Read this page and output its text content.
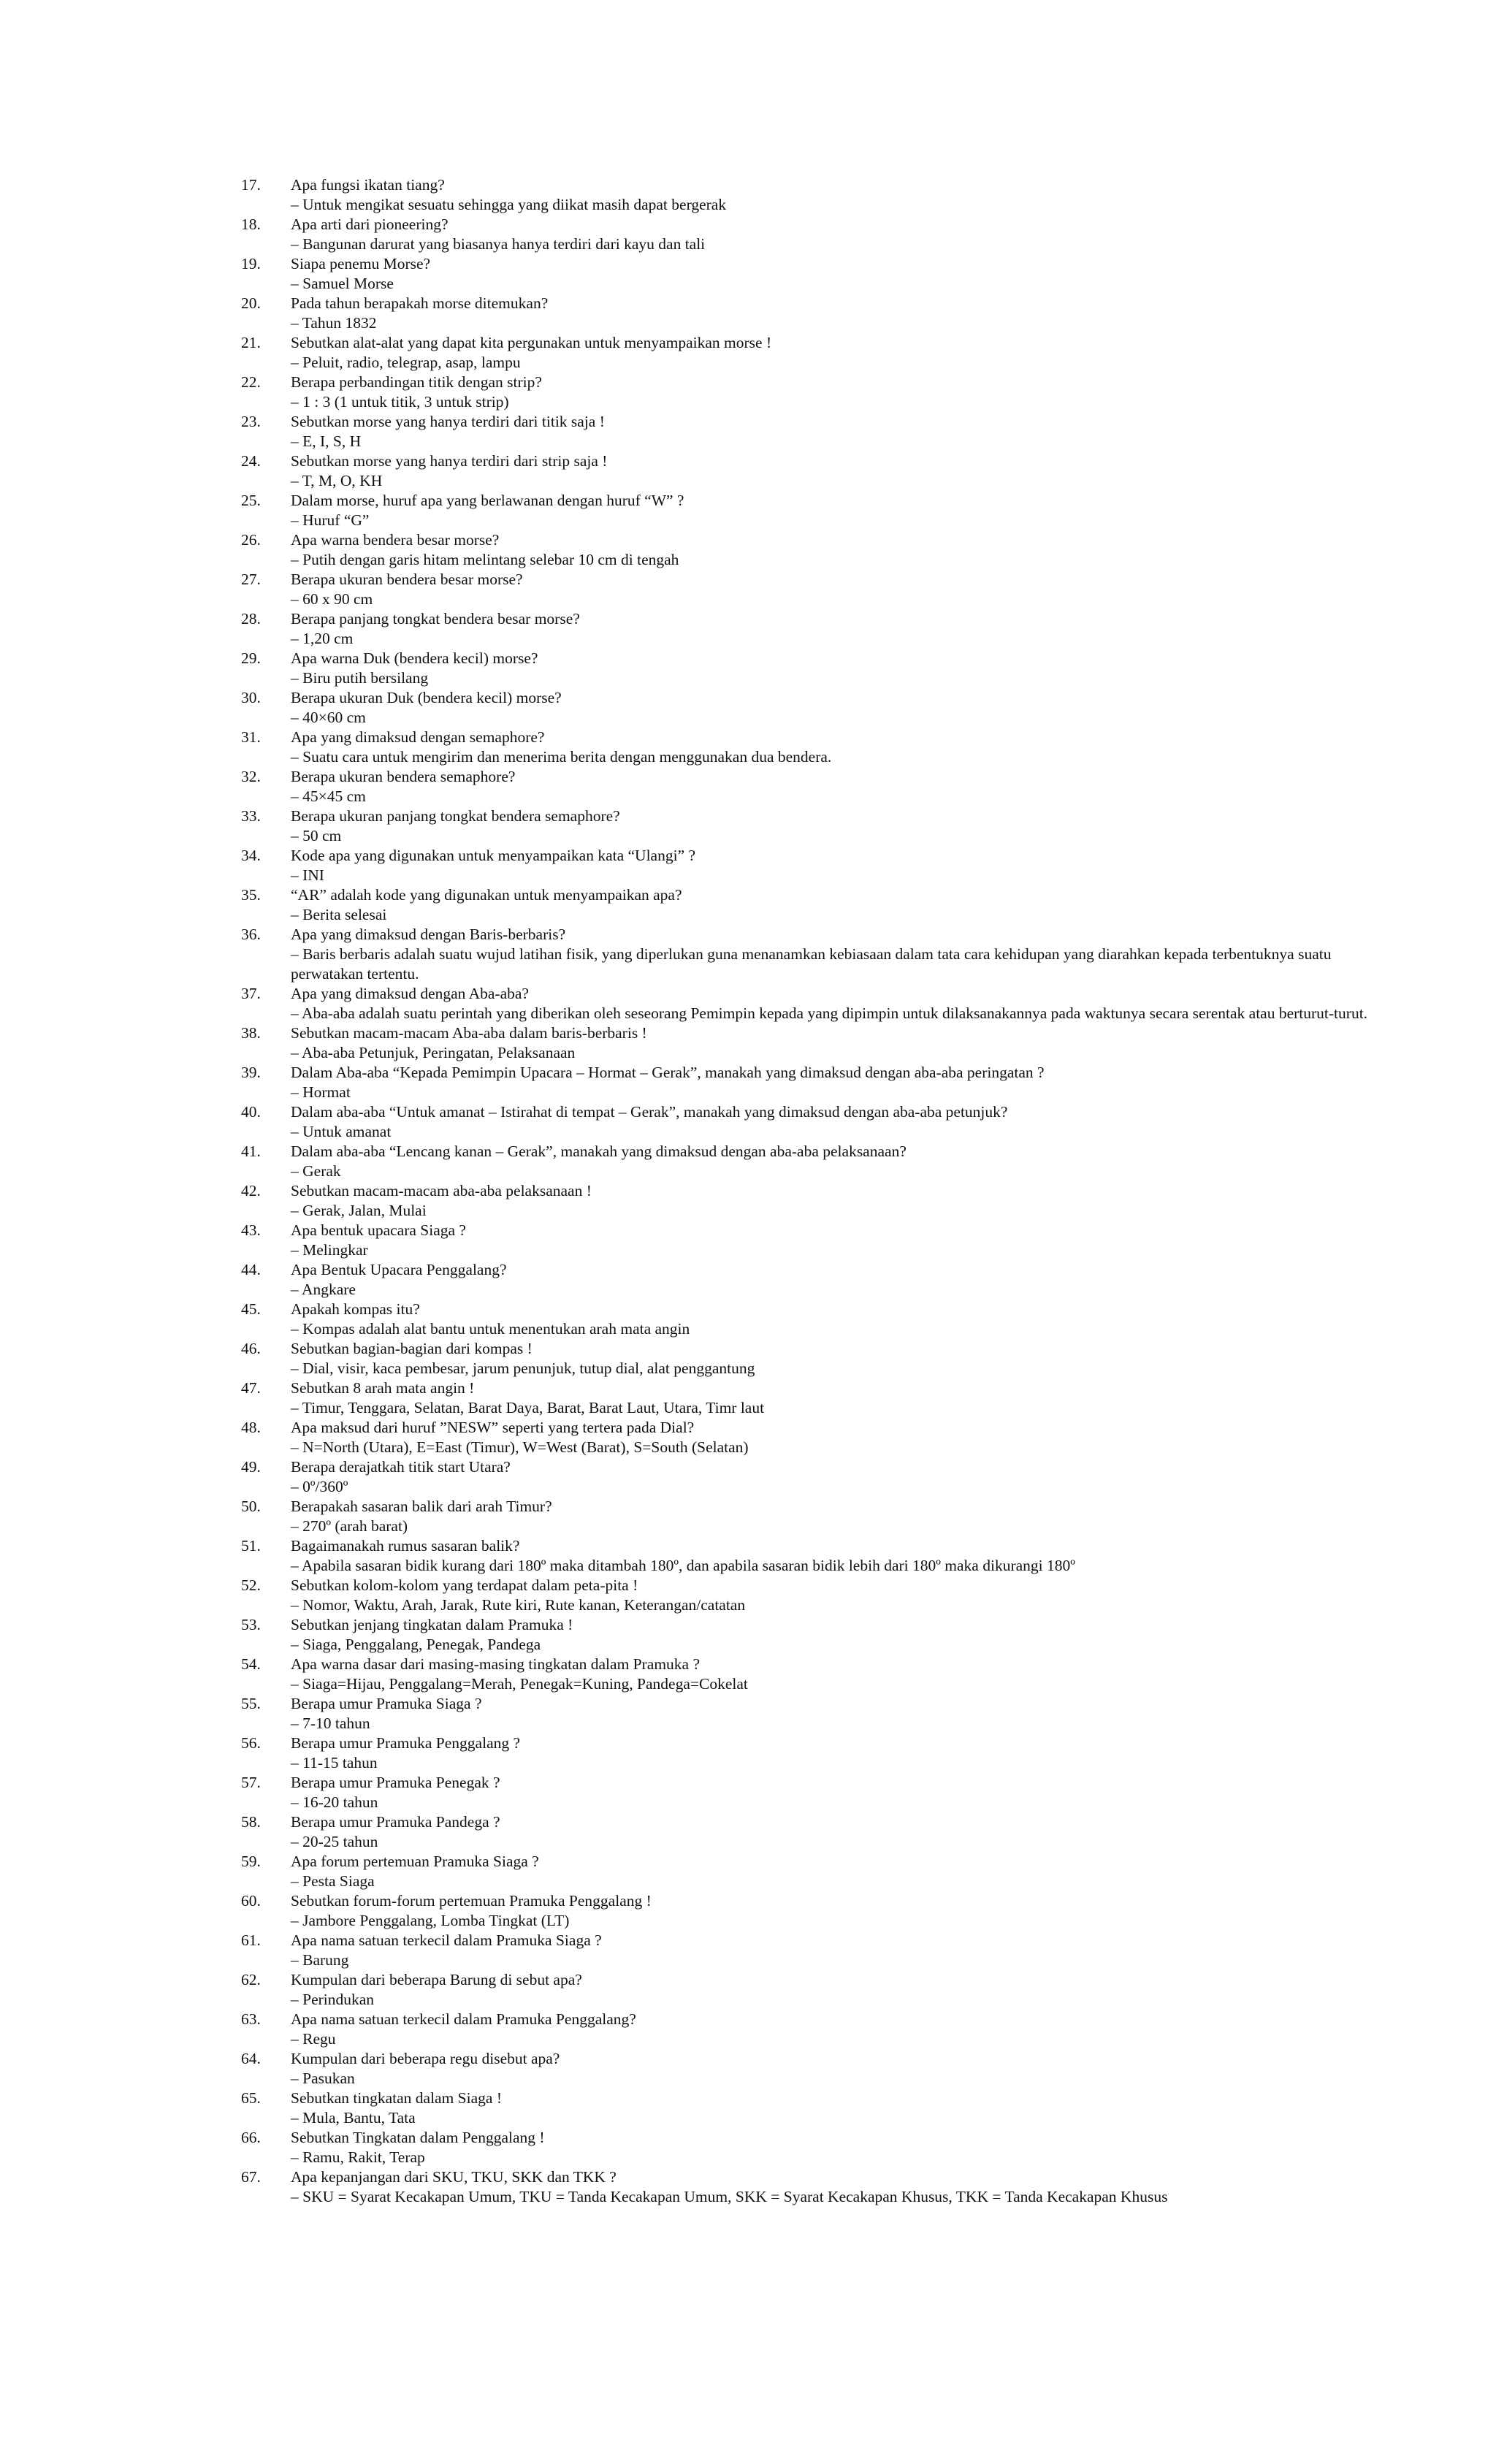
17. Apa fungsi ikatan tiang?
– Untuk mengikat sesuatu sehingga yang diikat masih dapat bergerak
18. Apa arti dari pioneering?
– Bangunan darurat yang biasanya hanya terdiri dari kayu dan tali
19. Siapa penemu Morse?
– Samuel Morse
20. Pada tahun berapakah morse ditemukan?
– Tahun 1832
21. Sebutkan alat-alat yang dapat kita pergunakan untuk menyampaikan morse !
– Peluit, radio, telegrap, asap, lampu
22. Berapa perbandingan titik dengan strip?
– 1 : 3 (1 untuk titik, 3 untuk strip)
23. Sebutkan morse yang hanya terdiri dari titik saja !
– E, I, S, H
24. Sebutkan morse yang hanya terdiri dari strip saja !
– T, M, O, KH
25. Dalam morse, huruf apa yang berlawanan dengan huruf “W” ?
– Huruf “G”
26. Apa warna bendera besar morse?
– Putih dengan garis hitam melintang selebar 10 cm di tengah
27. Berapa ukuran bendera besar morse?
– 60 x 90 cm
28. Berapa panjang tongkat bendera besar morse?
– 1,20 cm
29. Apa warna Duk (bendera kecil) morse?
– Biru putih bersilang
30. Berapa ukuran Duk (bendera kecil) morse?
– 40×60 cm
31. Apa yang dimaksud dengan semaphore?
– Suatu cara untuk mengirim dan menerima berita dengan menggunakan dua bendera.
32. Berapa ukuran bendera semaphore?
– 45×45 cm
33. Berapa ukuran panjang tongkat bendera semaphore?
– 50 cm
34. Kode apa yang digunakan untuk menyampaikan kata “Ulangi” ?
– INI
35. “AR” adalah kode yang digunakan untuk menyampaikan apa?
– Berita selesai
36. Apa yang dimaksud dengan Baris-berbaris?
– Baris berbaris adalah suatu wujud latihan fisik, yang diperlukan guna menanamkan kebiasaan dalam tata cara kehidupan yang diarahkan kepada terbentuknya suatu perwatakan tertentu.
37. Apa yang dimaksud dengan Aba-aba?
– Aba-aba adalah suatu perintah yang diberikan oleh seseorang Pemimpin kepada yang dipimpin untuk dilaksanakannya pada waktunya secara serentak atau berturut-turut.
38. Sebutkan macam-macam Aba-aba dalam baris-berbaris !
– Aba-aba Petunjuk, Peringatan, Pelaksanaan
39. Dalam Aba-aba “Kepada Pemimpin Upacara – Hormat – Gerak”, manakah yang dimaksud dengan aba-aba peringatan ?
– Hormat
40. Dalam aba-aba “Untuk amanat – Istirahat di tempat – Gerak”, manakah yang dimaksud dengan aba-aba petunjuk?
– Untuk amanat
41. Dalam aba-aba “Lencang kanan – Gerak”, manakah yang dimaksud dengan aba-aba pelaksanaan?
– Gerak
42. Sebutkan macam-macam aba-aba pelaksanaan !
– Gerak, Jalan, Mulai
43. Apa bentuk upacara Siaga ?
– Melingkar
44. Apa Bentuk Upacara Penggalang?
– Angkare
45. Apakah kompas itu?
– Kompas adalah alat bantu untuk menentukan arah mata angin
46. Sebutkan bagian-bagian dari kompas !
– Dial, visir, kaca pembesar, jarum penunjuk, tutup dial, alat penggantung
47. Sebutkan 8 arah mata angin !
– Timur, Tenggara, Selatan, Barat Daya, Barat, Barat Laut, Utara, Timr laut
48. Apa maksud dari huruf ”NESW” seperti yang tertera pada Dial?
– N=North (Utara), E=East (Timur), W=West (Barat), S=South (Selatan)
49. Berapa derajatkah titik start Utara?
– 0º/360º
50. Berapakah sasaran balik dari arah Timur?
– 270º (arah barat)
51. Bagaimanakah rumus sasaran balik?
– Apabila sasaran bidik kurang dari 180º maka ditambah 180º, dan apabila sasaran bidik lebih dari 180º maka dikurangi 180º
52. Sebutkan kolom-kolom yang terdapat dalam peta-pita !
– Nomor, Waktu, Arah, Jarak, Rute kiri, Rute kanan, Keterangan/catatan
53. Sebutkan jenjang tingkatan dalam Pramuka !
– Siaga, Penggalang, Penegak, Pandega
54. Apa warna dasar dari masing-masing tingkatan dalam Pramuka ?
– Siaga=Hijau, Penggalang=Merah, Penegak=Kuning, Pandega=Cokelat
55. Berapa umur Pramuka Siaga ?
– 7-10 tahun
56. Berapa umur Pramuka Penggalang ?
– 11-15 tahun
57. Berapa umur Pramuka Penegak ?
– 16-20 tahun
58. Berapa umur Pramuka Pandega ?
– 20-25 tahun
59. Apa forum pertemuan Pramuka Siaga ?
– Pesta Siaga
60. Sebutkan forum-forum pertemuan Pramuka Penggalang !
– Jambore Penggalang, Lomba Tingkat (LT)
61. Apa nama satuan terkecil dalam Pramuka Siaga ?
– Barung
62. Kumpulan dari beberapa Barung di sebut apa?
– Perindukan
63. Apa nama satuan terkecil dalam Pramuka Penggalang?
– Regu
64. Kumpulan dari beberapa regu disebut apa?
– Pasukan
65. Sebutkan tingkatan dalam Siaga !
– Mula, Bantu, Tata
66. Sebutkan Tingkatan dalam Penggalang !
– Ramu, Rakit, Terap
67. Apa kepanjangan dari SKU, TKU, SKK dan TKK ?
– SKU = Syarat Kecakapan Umum, TKU = Tanda Kecakapan Umum, SKK = Syarat Kecakapan Khusus, TKK = Tanda Kecakapan Khusus
